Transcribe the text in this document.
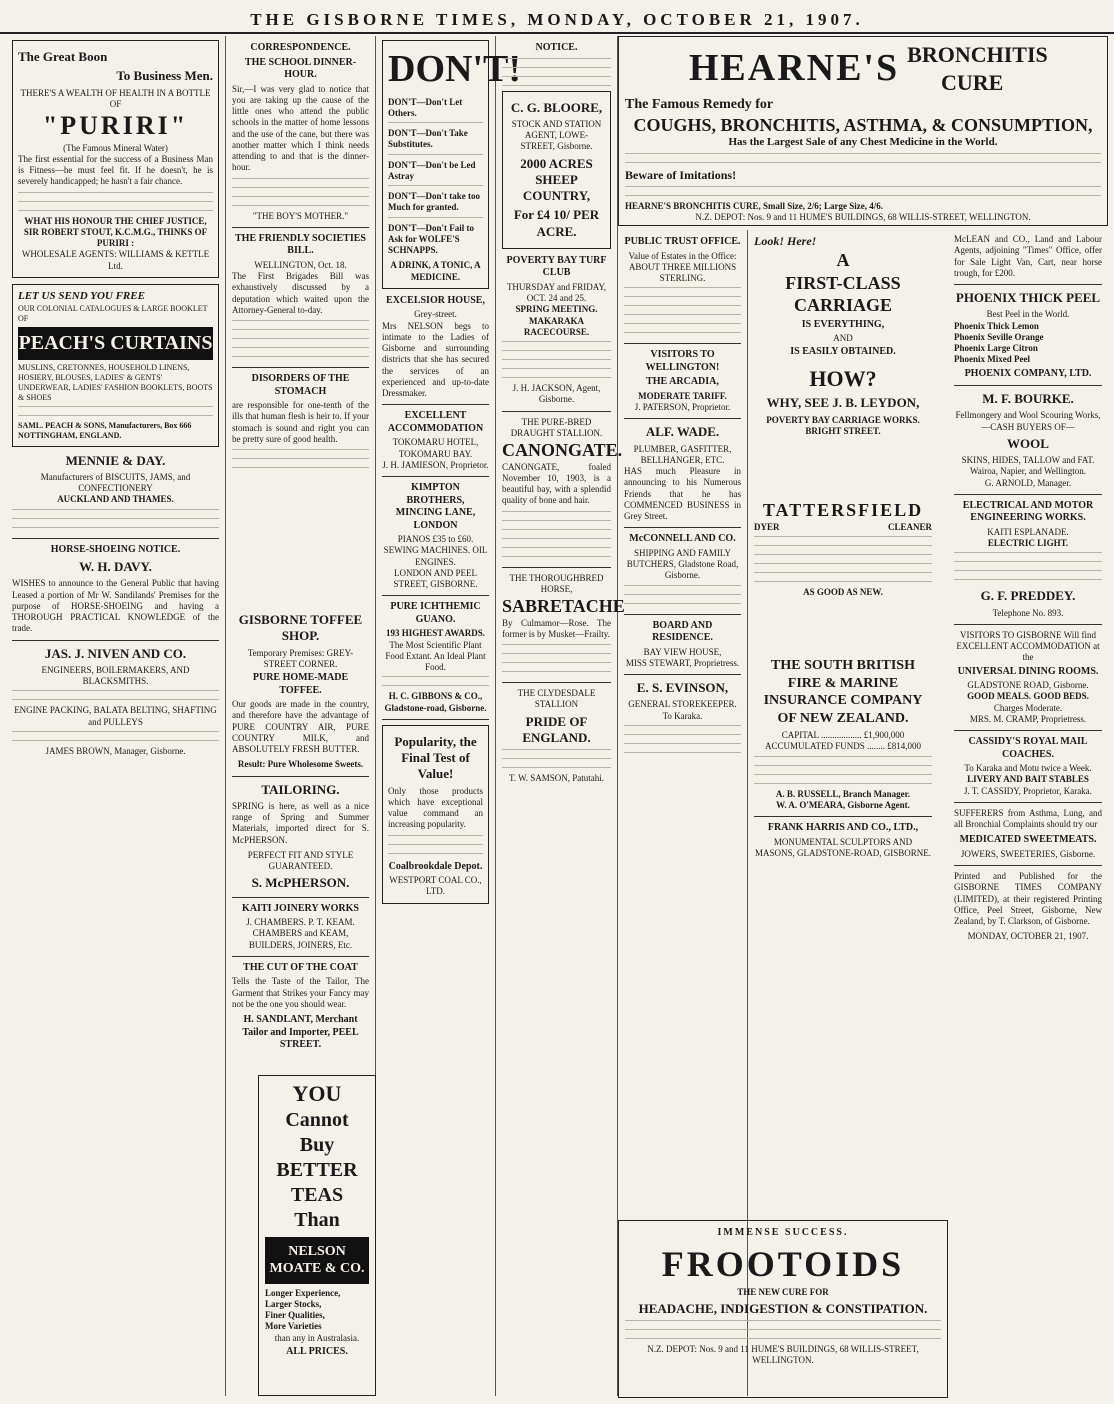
THE GISBORNE TIMES, MONDAY, OCTOBER 21, 1907.
The Great Boon
To Business Men.
THERE'S A WEALTH OF HEALTH IN A BOTTLE OF
"PURIRI"
(The Famous Mineral Water)
The first essential for the success of a Business Man is Fitness—he must feel fit. If he doesn't, he is severely handicapped; he hasn't a fair chance.
WHAT HIS HONOUR THE CHIEF JUSTICE, SIR ROBERT STOUT, K.C.M.G., THINKS OF PURIRI :
WHOLESALE AGENTS: WILLIAMS & KETTLE Ltd.
LET US SEND YOU FREE
OUR COLONIAL CATALOGUES & LARGE BOOKLET OF
PEACH'S CURTAINS
MUSLINS, CRETONNES, HOUSEHOLD LINENS, HOSIERY, BLOUSES, LADIES' & GENTS' UNDERWEAR, LADIES' FASHION BOOKLETS, BOOTS & SHOES
SAML. PEACH & SONS, Manufacturers, Box 666 NOTTINGHAM, ENGLAND.
MENNIE & DAY.
Manufacturers of BISCUITS, JAMS, and CONFECTIONERY
AUCKLAND AND THAMES.
HORSE-SHOEING NOTICE.
W. H. DAVY.
WISHES to announce to the General Public that having Leased a portion of Mr W. Sandilands' Premises for the purpose of HORSE-SHOEING and having a THOROUGH PRACTICAL KNOWLEDGE of the trade.
JAS. J. NIVEN AND CO.
ENGINEERS, BOILERMAKERS, AND BLACKSMITHS.
ENGINE PACKING, BALATA BELTING, SHAFTING and PULLEYS
JAMES BROWN, Manager, Gisborne.
CORRESPONDENCE.
THE SCHOOL DINNER-HOUR.
Sir,—I was very glad to notice that you are taking up the cause of the little ones who attend the public schools in the matter of home lessons and the use of the cane, but there was another matter which I think needs attending to and that is the dinner-hour.
"THE BOY'S MOTHER."
THE FRIENDLY SOCIETIES BILL.
WELLINGTON, Oct. 18.
The First Brigades Bill was exhaustively discussed by a deputation which waited upon the Attorney-General to-day.
DISORDERS OF THE STOMACH
are responsible for one-tenth of the ills that human flesh is heir to. If your stomach is sound and right you can be pretty sure of good health.
GISBORNE TOFFEE SHOP.
Temporary Premises: GREY-STREET CORNER.
PURE HOME-MADE TOFFEE.
Our goods are made in the country, and therefore have the advantage of PURE COUNTRY AIR, PURE COUNTRY MILK, and ABSOLUTELY FRESH BUTTER.
Result: Pure Wholesome Sweets.
TAILORING.
SPRING is here, as well as a nice range of Spring and Summer Materials, imported direct for S. McPHERSON.
PERFECT FIT AND STYLE GUARANTEED.
S. McPHERSON.
KAITI JOINERY WORKS
J. CHAMBERS. P. T. KEAM.
CHAMBERS and KEAM, BUILDERS, JOINERS, Etc.
THE CUT OF THE COAT
Tells the Taste of the Tailor, The Garment that Strikes your Fancy may not be the one you should wear.
H. SANDLANT, Merchant Tailor and Importer, PEEL STREET.
DON'T!
DON'T—Don't Let Others.
DON'T—Don't Take Substitutes.
DON'T—Don't be Led Astray
DON'T—Don't take too Much for granted.
DON'T—Don't Fail to Ask for WOLFE'S SCHNAPPS.
A DRINK, A TONIC, A MEDICINE.
EXCELSIOR HOUSE,
Grey-street.
Mrs NELSON begs to intimate to the Ladies of Gisborne and surrounding districts that she has secured the services of an experienced and up-to-date Dressmaker.
EXCELLENT ACCOMMODATION
TOKOMARU HOTEL, TOKOMARU BAY.
J. H. JAMIESON, Proprietor.
KIMPTON BROTHERS, MINCING LANE, LONDON
PIANOS £35 to £60. SEWING MACHINES. OIL ENGINES.
LONDON AND PEEL STREET, GISBORNE.
PURE ICHTHEMIC GUANO.
193 HIGHEST AWARDS.
The Most Scientific Plant Food Extant. An Ideal Plant Food.
H. C. GIBBONS & CO., Gladstone-road, Gisborne.
Popularity, the Final Test of Value!
Only those products which have exceptional value command an increasing popularity.
Coalbrookdale Depot.
WESTPORT COAL CO., LTD.
YOU
Cannot
Buy
BETTER
TEAS
Than
NELSON MOATE & CO.
Longer Experience,
Larger Stocks,
Finer Qualities,
More Varieties
than any in Australasia.
ALL PRICES.
NOTICE.
C. G. BLOORE,
STOCK AND STATION AGENT, LOWE-STREET, Gisborne.
2000 ACRES SHEEP COUNTRY,
For £4 10/ PER ACRE.
POVERTY BAY TURF CLUB
THURSDAY and FRIDAY, OCT. 24 and 25.
SPRING MEETING. MAKARAKA RACECOURSE.
J. H. JACKSON, Agent, Gisborne.
THE PURE-BRED DRAUGHT STALLION.
CANONGATE.
CANONGATE, foaled November 10, 1903, is a beautiful bay, with a splendid quality of bone and hair.
THE THOROUGHBRED HORSE,
SABRETACHE
By Culmamor—Rose. The former is by Musket—Frailty.
THE CLYDESDALE STALLION
PRIDE OF ENGLAND.
T. W. SAMSON, Patutahi.
HEARNE'S BRONCHITIS CURE
The Famous Remedy for
COUGHS, BRONCHITIS, ASTHMA, & CONSUMPTION,
Has the Largest Sale of any Chest Medicine in the World.
Beware of Imitations!
HEARNE'S BRONCHITIS CURE, Small Size, 2/6; Large Size, 4/6.
N.Z. DEPOT: Nos. 9 and 11 HUME'S BUILDINGS, 68 WILLIS-STREET, WELLINGTON.
PUBLIC TRUST OFFICE.
Value of Estates in the Office: ABOUT THREE MILLIONS STERLING.
VISITORS TO WELLINGTON!
THE ARCADIA,
MODERATE TARIFF.
J. PATERSON, Proprietor.
ALF. WADE.
PLUMBER, GASFITTER, BELLHANGER, ETC.
HAS much Pleasure in announcing to his Numerous Friends that he has COMMENCED BUSINESS in Grey Street.
McCONNELL AND CO.
SHIPPING AND FAMILY BUTCHERS, Gladstone Road, Gisborne.
BOARD AND RESIDENCE.
BAY VIEW HOUSE,
MISS STEWART, Proprietress.
E. S. EVINSON,
GENERAL STOREKEEPER. To Karaka.
Look! Here!
A
FIRST-CLASS
CARRIAGE
IS EVERYTHING,
AND
IS EASILY OBTAINED.
HOW?
WHY, SEE J. B. LEYDON,
POVERTY BAY CARRIAGE WORKS.
BRIGHT STREET.
TATTERSFIELD
DYER	CLEANER
AS GOOD AS NEW.
THE SOUTH BRITISH FIRE & MARINE INSURANCE COMPANY OF NEW ZEALAND.
CAPITAL .................. £1,900,000
ACCUMULATED FUNDS ........ £814,000
A. B. RUSSELL, Branch Manager.
W. A. O'MEARA, Gisborne Agent.
FRANK HARRIS AND CO., LTD.,
MONUMENTAL SCULPTORS AND MASONS, GLADSTONE-ROAD, GISBORNE.
IMMENSE SUCCESS.
FROOTOIDS
THE NEW CURE FOR
HEADACHE, INDIGESTION & CONSTIPATION.
N.Z. DEPOT: Nos. 9 and 11 HUME'S BUILDINGS, 68 WILLIS-STREET, WELLINGTON.
McLEAN and CO., Land and Labour Agents, adjoining "Times" Office, offer for Sale Light Van, Cart, near horse trough, for £200.
PHOENIX THICK PEEL
Best Peel in the World.
Phoenix Thick Lemon
Phoenix Seville Orange
Phoenix Large Citron
Phoenix Mixed Peel
PHOENIX COMPANY, LTD.
M. F. BOURKE.
Fellmongery and Wool Scouring Works,
—CASH BUYERS OF—
WOOL
SKINS, HIDES, TALLOW and FAT.
Wairoa, Napier, and Wellington.
G. ARNOLD, Manager.
ELECTRICAL AND MOTOR ENGINEERING WORKS.
KAITI ESPLANADE.
ELECTRIC LIGHT.
G. F. PREDDEY.
Telephone No. 893.
VISITORS TO GISBORNE Will find EXCELLENT ACCOMMODATION at the
UNIVERSAL DINING ROOMS.
GLADSTONE ROAD, Gisborne.
GOOD MEALS. GOOD BEDS.
Charges Moderate.
MRS. M. CRAMP, Proprietress.
CASSIDY'S ROYAL MAIL COACHES.
To Karaka and Motu twice a Week.
LIVERY AND BAIT STABLES
J. T. CASSIDY, Proprietor, Karaka.
SUFFERERS from Asthma, Lung, and all Bronchial Complaints should try our
MEDICATED SWEETMEATS.
JOWERS, SWEETERIES, Gisborne.
Printed and Published for the GISBORNE TIMES COMPANY (LIMITED), at their registered Printing Office, Peel Street, Gisborne, New Zealand, by T. Clarkson, of Gisborne.
MONDAY, OCTOBER 21, 1907.
